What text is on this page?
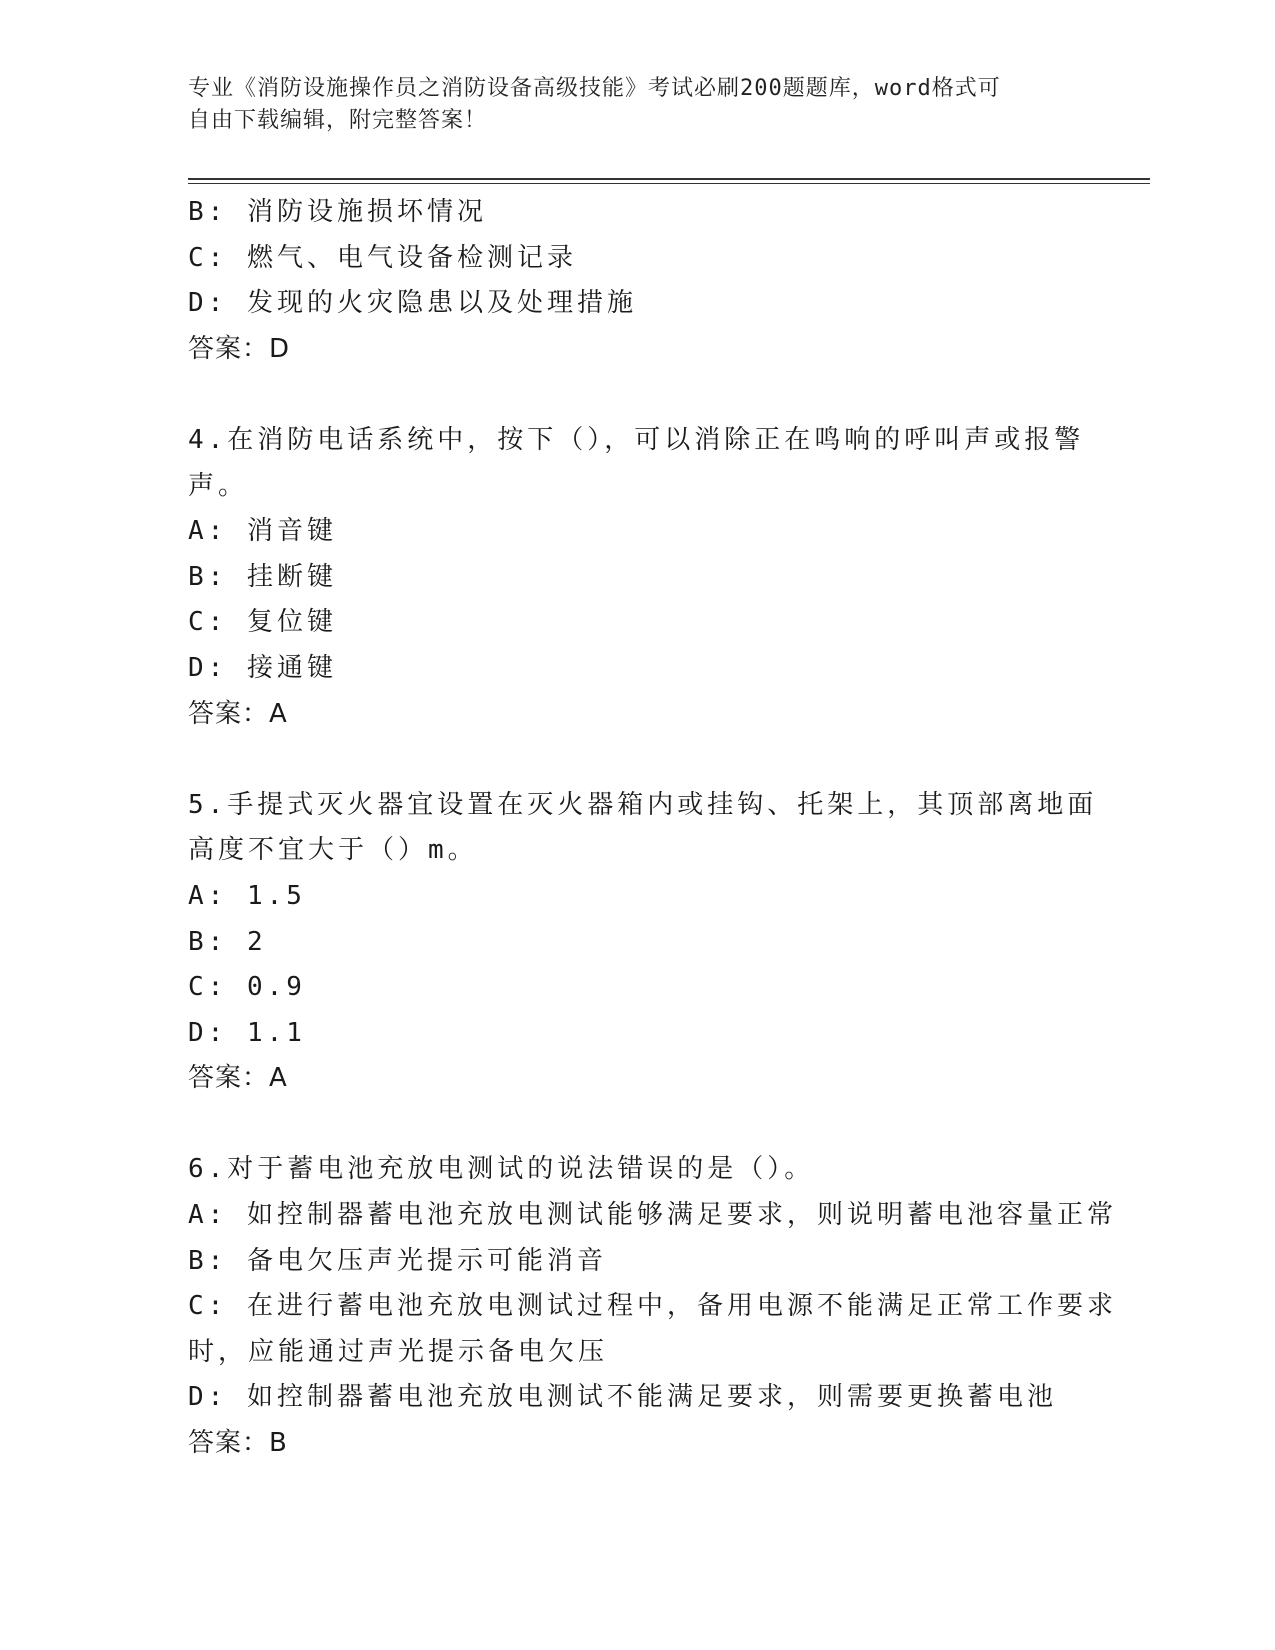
专业《消防设施操作员之消防设备高级技能》考试必刷200题题库，word格式可
自由下载编辑，附完整答案！
B: 消防设施损坏情况
C: 燃气、电气设备检测记录
D: 发现的火灾隐患以及处理措施
答案：D
4.在消防电话系统中，按下（），可以消除正在鸣响的呼叫声或报警
声。
A: 消音键
B: 挂断键
C: 复位键
D: 接通键
答案：A
5.手提式灭火器宜设置在灭火器箱内或挂钩、托架上，其顶部离地面
高度不宜大于（）m。
A: 1.5
B: 2
C: 0.9
D: 1.1
答案：A
6.对于蓄电池充放电测试的说法错误的是（）。
A: 如控制器蓄电池充放电测试能够满足要求，则说明蓄电池容量正常
B: 备电欠压声光提示可能消音
C: 在进行蓄电池充放电测试过程中，备用电源不能满足正常工作要求
时，应能通过声光提示备电欠压
D: 如控制器蓄电池充放电测试不能满足要求，则需要更换蓄电池
答案：B
